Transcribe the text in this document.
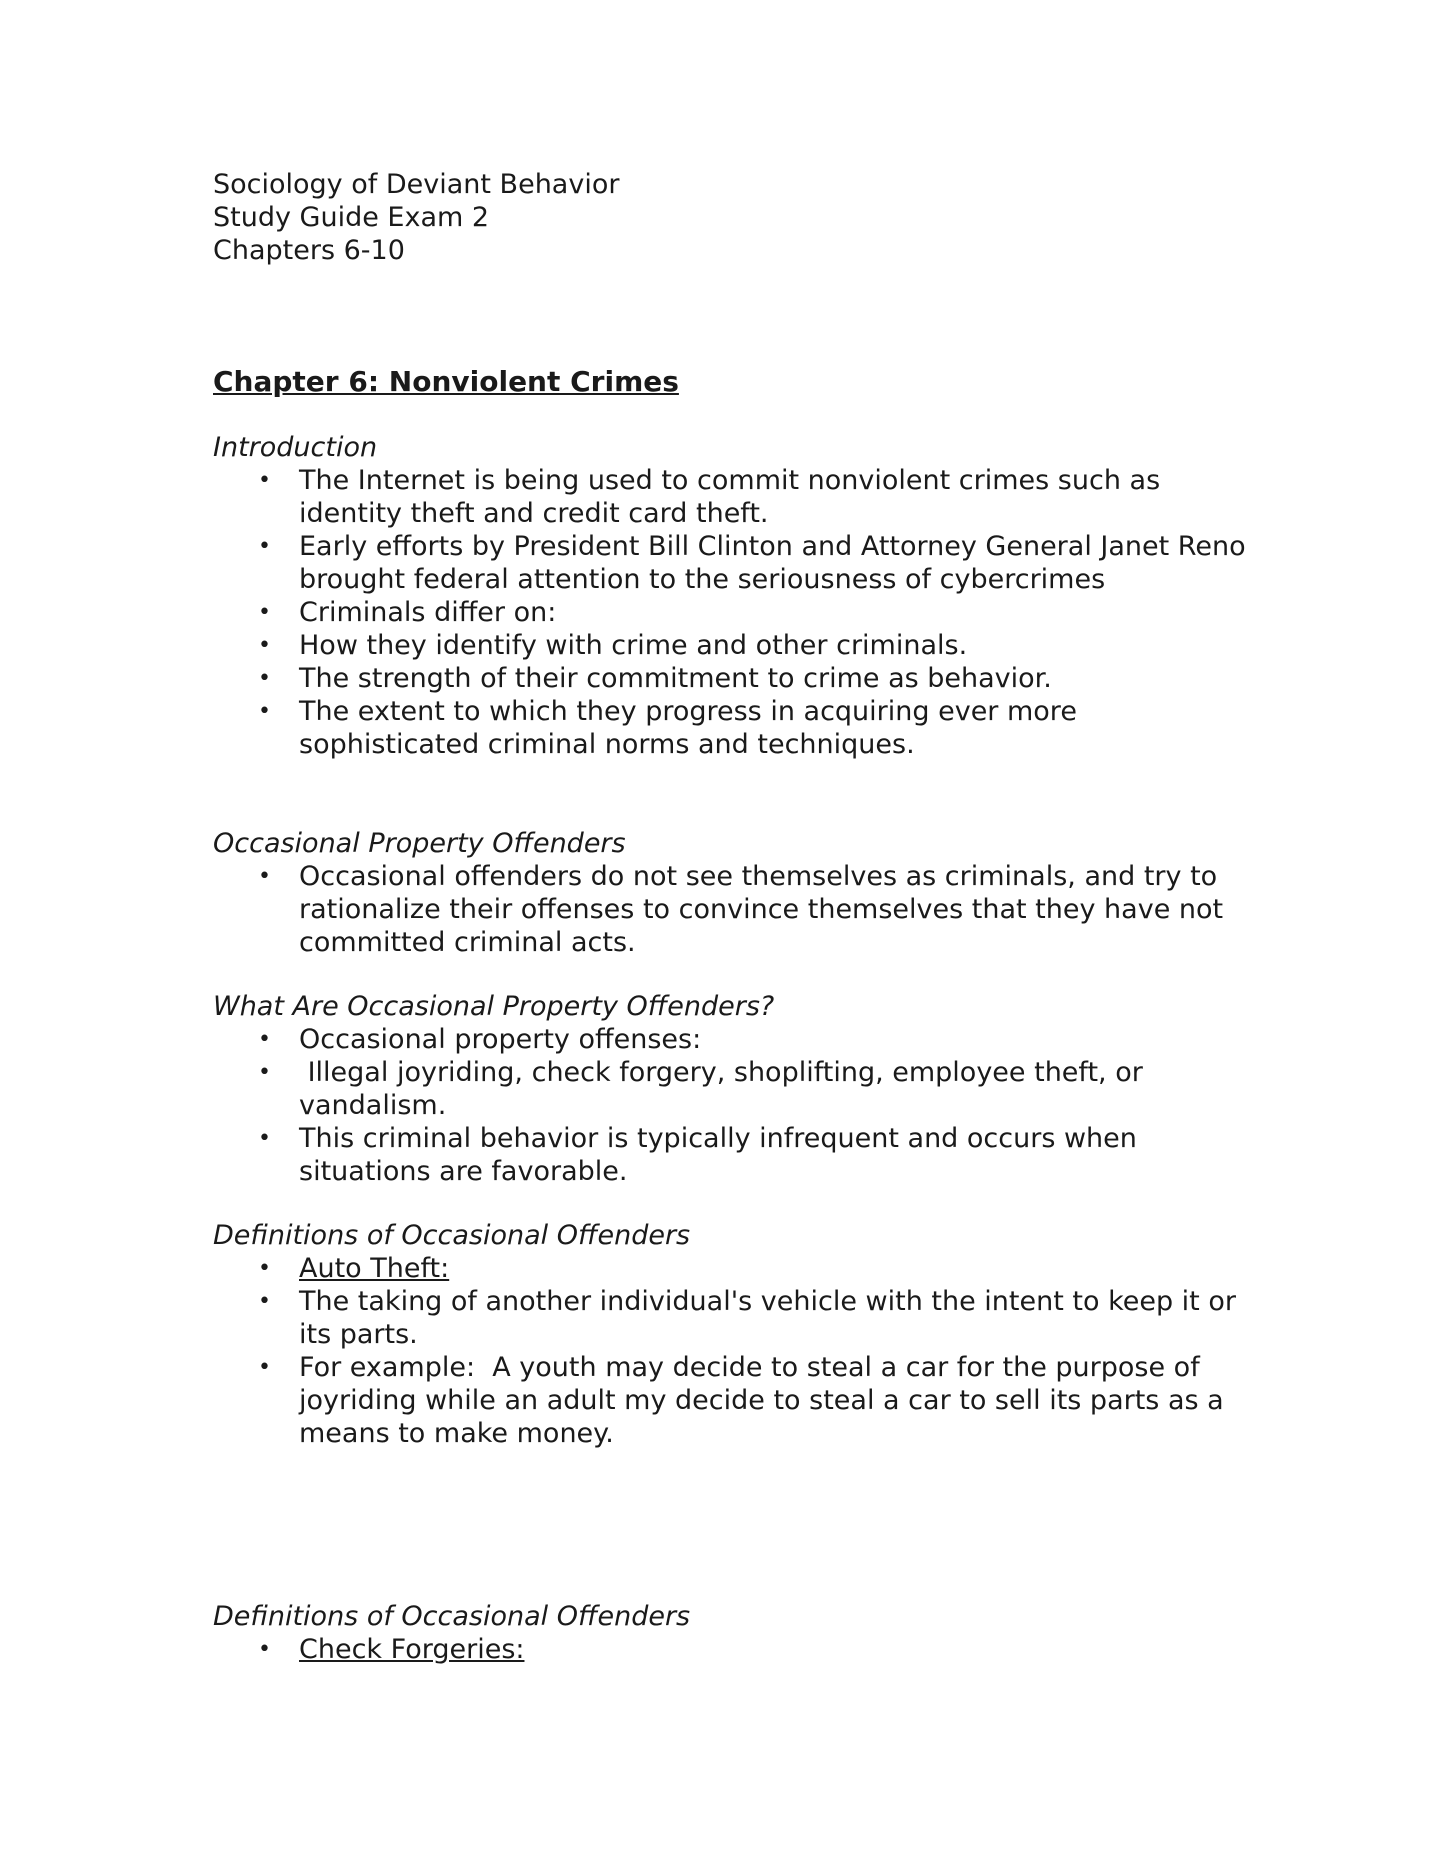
Sociology of Deviant Behavior
Study Guide Exam 2
Chapters 6-10
Chapter 6: Nonviolent Crimes
Introduction
• The Internet is being used to commit nonviolent crimes such as identity theft and credit card theft.
• Early efforts by President Bill Clinton and Attorney General Janet Reno brought federal attention to the seriousness of cybercrimes
• Criminals differ on:
• How they identify with crime and other criminals.
• The strength of their commitment to crime as behavior.
• The extent to which they progress in acquiring ever more sophisticated criminal norms and techniques.
Occasional Property Offenders
• Occasional offenders do not see themselves as criminals, and try to rationalize their offenses to convince themselves that they have not committed criminal acts.
What Are Occasional Property Offenders?
• Occasional property offenses:
• Illegal joyriding, check forgery, shoplifting, employee theft, or vandalism.
• This criminal behavior is typically infrequent and occurs when situations are favorable.
Definitions of Occasional Offenders
• Auto Theft:
• The taking of another individual's vehicle with the intent to keep it or its parts.
• For example:  A youth may decide to steal a car for the purpose of joyriding while an adult my decide to steal a car to sell its parts as a means to make money.
Definitions of Occasional Offenders
• Check Forgeries:
